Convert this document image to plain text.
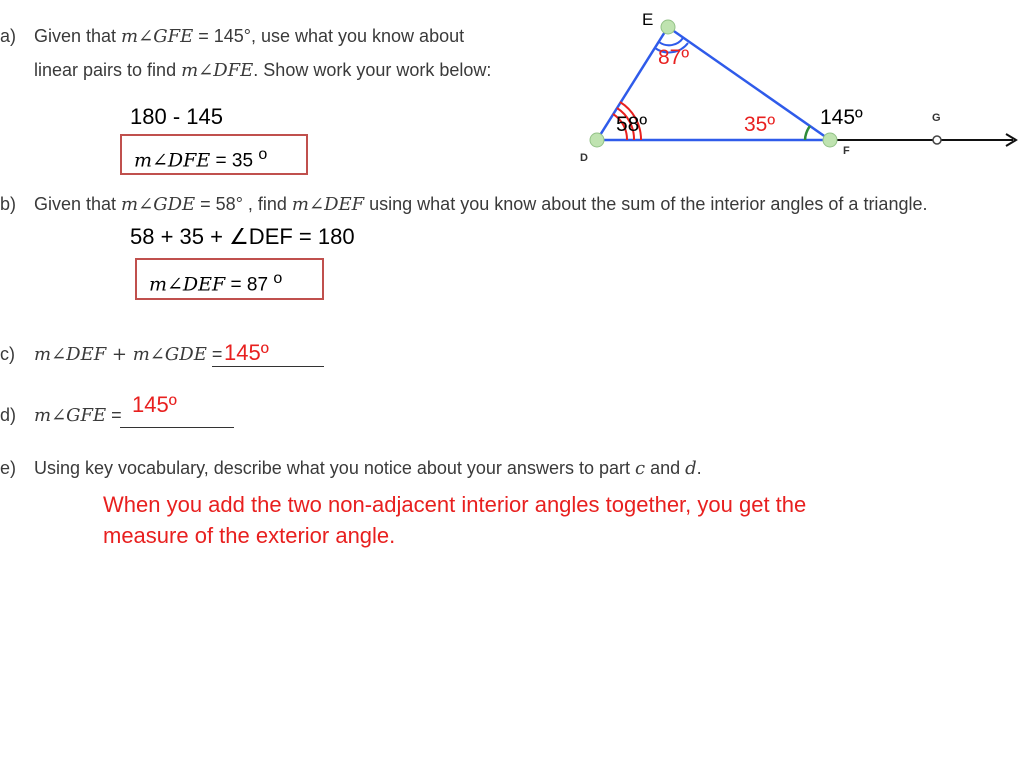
E
D
F
G
87º
58º	35º 145º
a) Given that m∠GFE = 145°, use what you know about
linear pairs to find m∠DFE. Show work your work below:
180 - 145
m∠DFE = 35 $^o$
b) Given that m∠GDE = 58° , find m∠DEF using what you know about the sum of the interior angles of a triangle.
58 + 35 + ∠DEF = 180
m∠DEF = 87 $^o$
c) m∠DEF + m∠GDE = 145º
d) m∠GFE = 145º
e) Using key vocabulary, describe what you notice about your answers to part c and d.
When you add the two non-adjacent interior angles together, you get the measure of the exterior angle.
